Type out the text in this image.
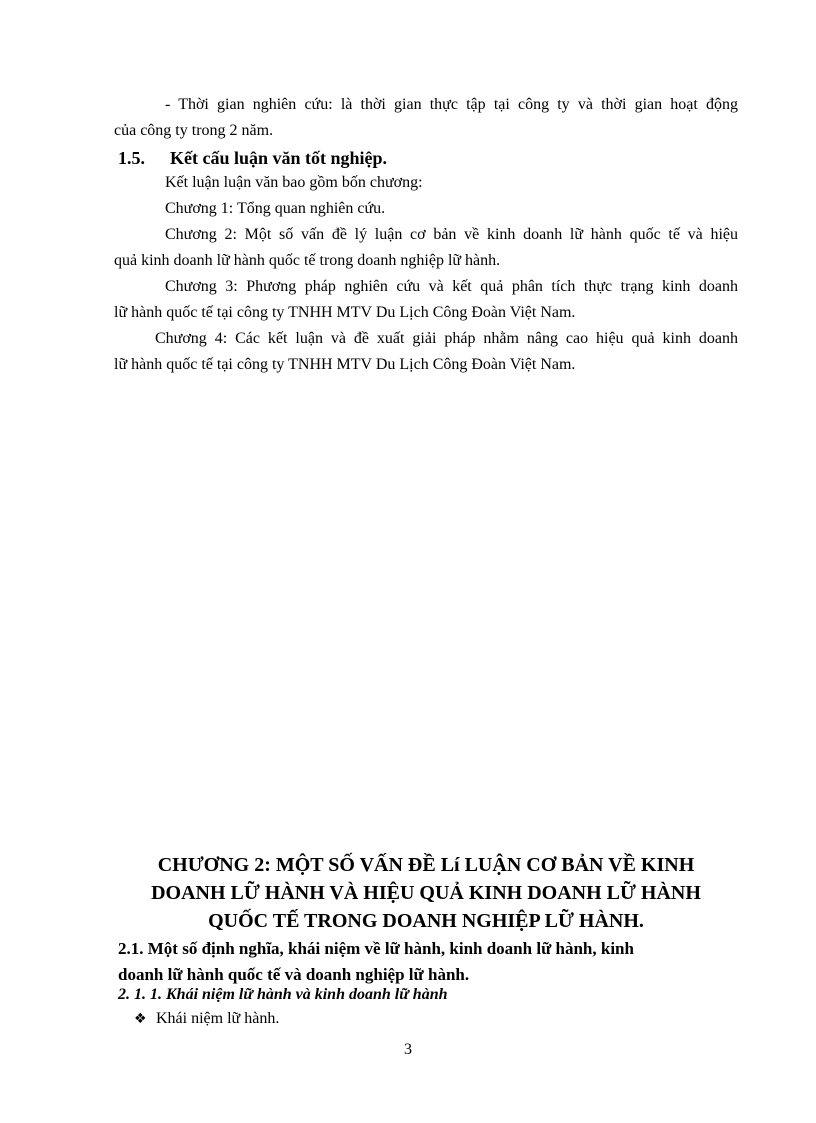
- Thời gian nghiên cứu: là thời gian thực tập tại công ty và thời gian hoạt động

của công ty trong 2 năm.

1.5. Kết cấu luận văn tốt nghiệp.

Kết luận luận văn bao gồm bốn chương:

Chương 1: Tổng quan nghiên cứu.

Chương 2: Một số vấn đề lý luận cơ bản về kinh doanh lữ hành quốc tế và hiệu

quả kinh doanh lữ hành quốc tế trong doanh nghiệp lữ hành.

Chương 3: Phương pháp nghiên cứu và kết quả phân tích thực trạng kinh doanh

lữ hành quốc tế tại công ty TNHH MTV Du Lịch Công Đoàn Việt Nam.

Chương 4: Các kết luận và đề xuất giải pháp nhằm nâng cao hiệu quả kinh doanh

lữ hành quốc tế tại công ty TNHH MTV Du Lịch Công Đoàn Việt Nam.

CHƯƠNG 2: MỘT SỐ VẤN ĐỀ Lí LUẬN CƠ BẢN VỀ KINH
DOANH LỮ HÀNH VÀ HIỆU QUẢ KINH DOANH LỮ HÀNH
QUỐC TẾ TRONG DOANH NGHIỆP LỮ HÀNH.
2.1. Một số định nghĩa, khái niệm về lữ hành, kinh doanh lữ hành, kinh
doanh lữ hành quốc tế và doanh nghiệp lữ hành.
2. 1. 1. Khái niệm lữ hành và kinh doanh lữ hành

❖ Khái niệm lữ hành.

3
